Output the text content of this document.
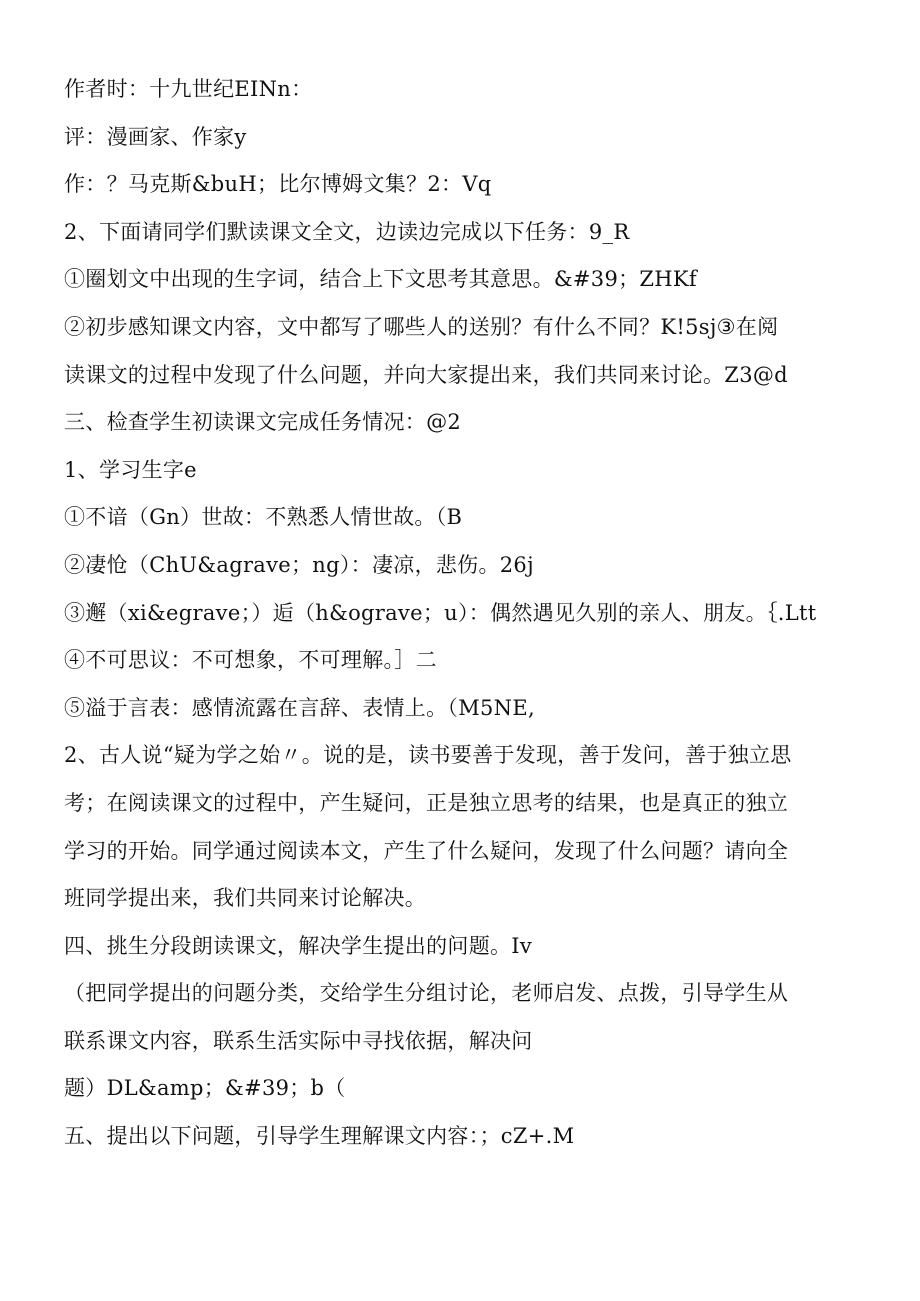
作者时：十九世纪EINn：
评：漫画家、作家y
作：？马克斯&buH；比尔博姆文集？2：Vq
2、下面请同学们默读课文全文，边读边完成以下任务：9_R
①圈划文中出现的生字词，结合上下文思考其意思。&#39；ZHKf
②初步感知课文内容，文中都写了哪些人的送别？有什么不同？K!5sj③在阅
读课文的过程中发现了什么问题，并向大家提出来，我们共同来讨论。Z3@d
三、检查学生初读课文完成任务情况：@2
1、学习生字e
①不谙（Gn）世故：不熟悉人情世故。（B
②凄怆（ChU&agrave；ng）：凄凉，悲伤。26j
③邂（xi&egrave；）逅（h&ograve；u）：偶然遇见久别的亲人、朋友。｛.Ltt
④不可思议：不可想象，不可理解。］二
⑤溢于言表：感情流露在言辞、表情上。（M5NE,
2、古人说“疑为学之始〃。说的是，读书要善于发现，善于发问，善于独立思
考；在阅读课文的过程中，产生疑问，正是独立思考的结果，也是真正的独立
学习的开始。同学通过阅读本文，产生了什么疑问，发现了什么问题？请向全
班同学提出来，我们共同来讨论解决。
四、挑生分段朗读课文，解决学生提出的问题。Iv
（把同学提出的问题分类，交给学生分组讨论，老师启发、点拨，引导学生从
联系课文内容，联系生活实际中寻找依据，解决问
题）DL&amp；&#39；b（
五、提出以下问题，引导学生理解课文内容：；cZ+.M
